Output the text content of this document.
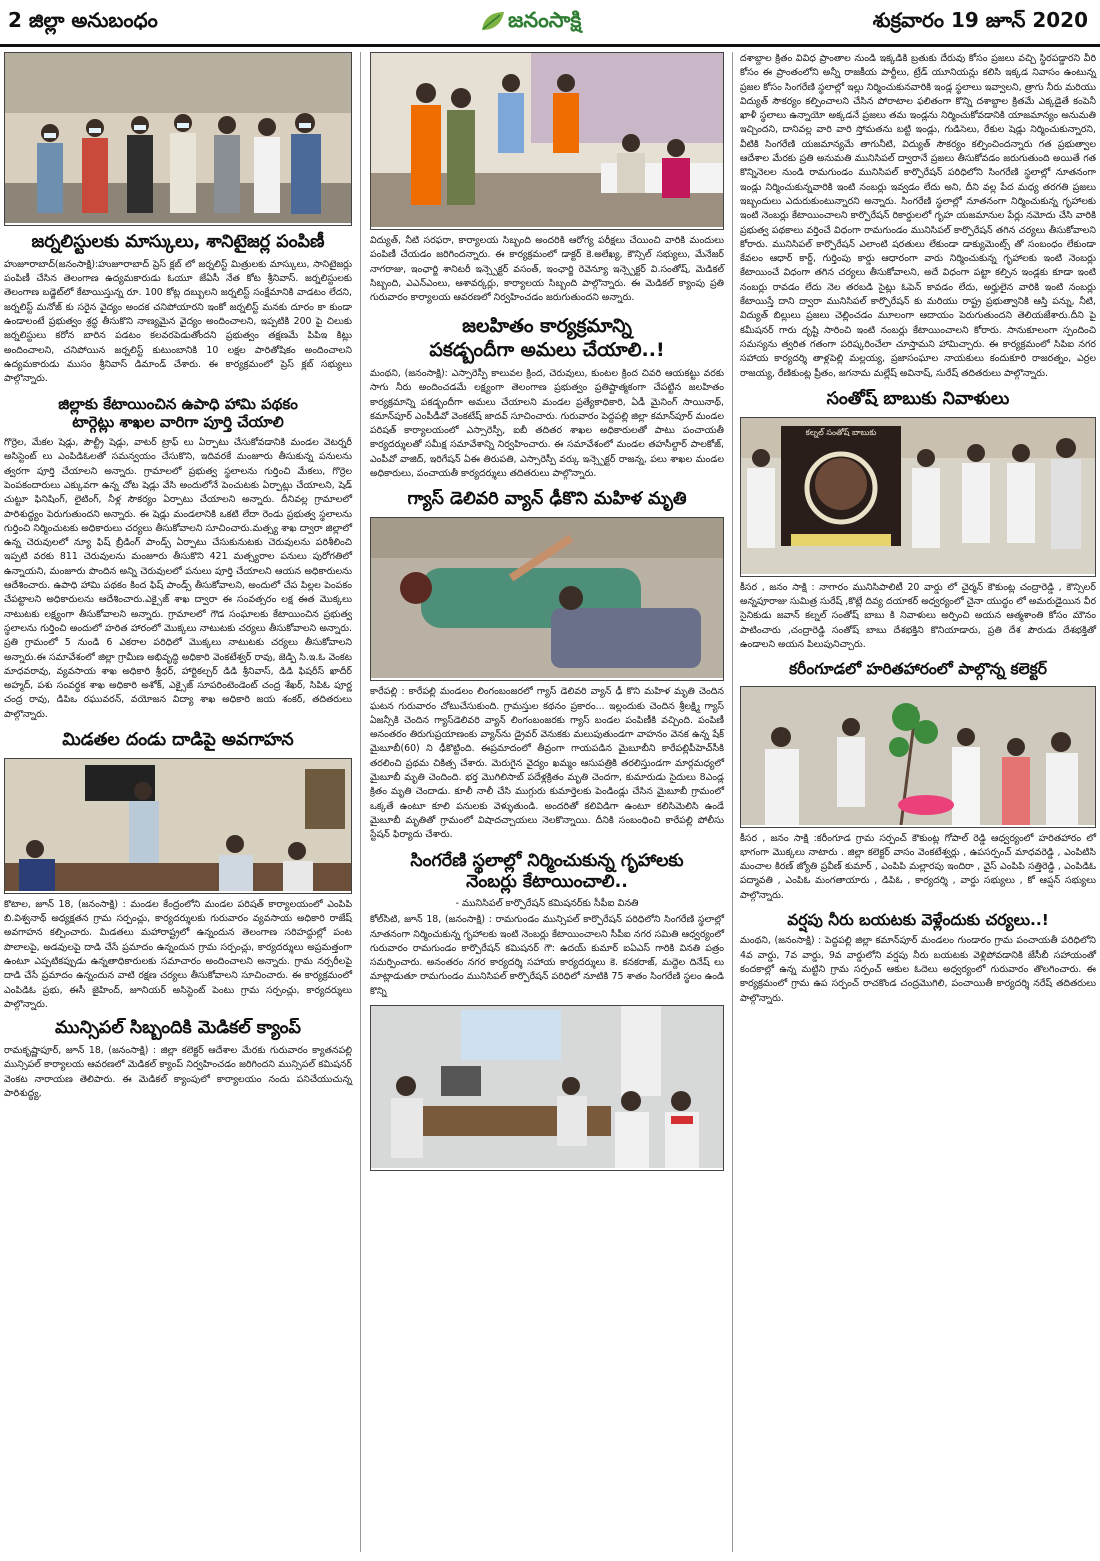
2 జిల్లా అనుబంధం	జనంసాక్షి	శుక్రవారం 19 జూన్ 2020
జర్నలిస్టులకు మాస్కులు, శానిటైజర్ల పంపిణీ

హుజూరాబాద్(జనంసాక్షి):హుజూరాబాద్ ప్రెస్ క్లబ్ లో జర్నలిస్ట్ మిత్రులకు మాస్కులు, సానిటైజర్లు పంపిణీ చేసిన తెలంగాణ ఉద్యమకారుడు ఓయూ జేఏసీ నేత కోట శ్రీనివాస్. జర్నలిస్టులకు తెలంగాణ బడ్జెట్‌లో కేటాయిస్తున్న రూ. 100 కోట్ల దబ్బులని జర్నలిస్ట్ సంక్షేమానికి వాడటం లేదని, జర్నలిస్ట్ మనోజ్ కు సరైన వైద్యం అందక చనిపోయారని ఇంకో జర్నలిస్ట్ మనకు దూరం కా కుండా ఉండాలంటే ప్రభుత్వం శ్రద్ధ తీసుకొని నాణ్యమైన వైద్యం అందించాలని, ఇప్పటికి 200 పై చిలుకు జర్నలిస్టులు కరోన బారిన పడటం కలవరపెడుతోందని ప్రభుత్వం తక్షణమే పిపిఇ కిట్లు అందించాలని, చనిపోయిన జర్నలిస్ట్ కుటుంబానికి 10 లక్షల పారితోషికం అందించాలని ఉద్యమకారుడు ముసం శ్రీనివాస్ డిమాండ్ చేశారు. ఈ కార్యక్రమంలో ప్రెస్ క్లబ్ సభ్యులు పాల్గొన్నారు.

జిల్లాకు కేటాయించిన ఉపాధి హామి పథకం
టార్గెట్లు శాఖల వారిగా పూర్తి చేయాలి

గొర్రెల, మేకల షెడ్లు, పౌల్ట్రీ షెడ్లు, వాటర్ ట్రాఫ్ లు ఏర్పాటు చేసుకోవడానికి మండల వెటర్నరీ అసిస్టెంట్ లు ఎంపిడిఓలతో సమన్వయం చేసుకొని, ఇదివరకే మంజూరు తీసుకున్న పనులను త్వరగా పూర్తి చేయాలని అన్నారు. గ్రామాలలో ప్రభుత్వ స్థలాలను గుర్తించి మేకలు, గొర్రెల పెంపకందారులు ఎక్కువగా ఉన్న చోట షెడ్లు వేసి అందులోనే పెంచుటకు ఏర్పాట్లు చేయాలని, షెడ్ చుట్టూ ఫినిషింగ్, లైటింగ్, నీళ్ల సౌకర్యం ఏర్పాటు చేయాలని అన్నారు. దీనివల్ల గ్రామాలలో పారిశుద్ధ్యం పెరుగుతుందని అన్నారు. ఈ షెడ్లు మండలానికి ఒకటి లేదా రెండు ప్రభుత్వ స్థలాలను గుర్తించి నిర్మించుటకు అధికారులు చర్యలు తీసుకోవాలని సూచించారు.మత్స్య శాఖ ద్వారా జిల్లాలో ఉన్న చెరువులలో న్యూ ఫిష్ బ్రీడింగ్ పాండ్స్ ఏర్పాటు చేసుకునుటకు చెరువులను పరిశీలించి ఇప్పటి వరకు 811 చెరువులను మంజూరు తీసుకొని 421 మత్స్యరాల పనులు పురోగతిలో ఉన్నాయని, మంజూరు పొందిన అన్ని చెరువులలో పనులు పూర్తి చేయాలని ఆయన అధికారులను ఆదేశించారు. ఉపాధి హామి పథకం కింద ఫిష్ పాండ్స్ తీసుకోవాలని, అందులో చేప పిల్లల పెంపకం చేపట్టాలని అధికారులను ఆదేశించారు.ఎక్సైజ్ శాఖ ద్వారా ఈ సంవత్సరం లక్ష ఈత మొక్కలు నాటుటకు లక్ష్యంగా తీసుకోవాలని అన్నారు. గ్రామాలలో గౌడ సంఘాలకు కేటాయించిన ప్రభుత్వ స్థలాలను గుర్తించి అందులో హరిత హారంలో మొక్కలు నాటుటకు చర్యలు తీసుకోవాలని అన్నారు. ప్రతి గ్రామంలో 5 నుండి 6 ఎకరాల పరిధిలో మొక్కలు నాటుటకు చర్యలు తీసుకోవాలని అన్నారు.ఈ సమావేశంలో జిల్లా గ్రామీణ అభివృద్ధి అధికారి వెంకటేశ్వర్ రావు, జెడ్పి సి.ఇ.ఓ వెంకట మాధవరావు, వ్యవసాయ శాఖ అధికారి శ్రీధర్, హార్టికల్చర్ డిడి శ్రీనివాస్, డిడి ఫిషరీస్ ఖాదీర్ అహ్మద్, పశు సంవర్ధక శాఖ అధికారి అశోక్, ఎక్సైజ్ సూపరింటెండెంట్ చంద్ర శేఖర్, సిపిఓ పూర్ణ చంద్ర రావు, డిపిఒ రఘువరన్, వయోజన విద్యా శాఖ అధికారి జయ శంకర్, తదితరులు పాల్గొన్నారు.

మిడతల దండు దాడిపై అవగాహన

కొటాల, జూన్ 18, (జనంసాక్షి) : మండల కేంద్రంలోని మండల పరిషత్ కార్యాలయంలో ఎంపిపి బి.విశ్వనాథ్ అధ్యక్షతన గ్రామ సర్పంచ్లు, కార్యదర్శులకు గురువారం వ్యవసాయ అధికారి రాజేష్ అవగాహన కల్పించారు. మిడతలు మహారాష్ట్రలో ఉన్నందున తెలంగాణ సరిహద్దుల్లో పంట పొలాలపై, అడవులపై దాడి చేసే ప్రమాదం ఉన్నందున గ్రామ సర్పంచ్లు, కార్యదర్శులు అప్రమత్తంగా ఉంటూ ఎప్పటికప్పుడు ఉన్నతాధికారులకు సమాచారం అందించాలని అన్నారు. గ్రామ నర్సరీలపై దాడి చేసే ప్రమాదం ఉన్నందున వాటి రక్షణ చర్యలు తీసుకోవాలని సూచించారు. ఈ కార్యక్రమంలో ఎంపిడిఓ ప్రభు, ఈసీ జైహింద్, జూనియర్ అసిస్టెంట్ పెంటు గ్రామ సర్పంచ్లు, కార్యదర్శులు పాల్గొన్నారు.

మున్సిపల్ సిబ్బందికి మెడికల్ క్యాంప్

రామకృష్ణాపూర్, జూన్ 18, (జనంసాక్షి) : జిల్లా కలెక్టర్ ఆదేశాల మేరకు గురువారం క్యాతనపల్లి మున్సిపల్ కార్యాలయ ఆవరణలో మెడికల్ క్యాంప్ నిర్వహించడం జరిగిందని మున్సిపల్ కమిషనర్ వెంకట నారాయణ తెలిపారు. ఈ మెడికల్ క్యాంపులో కార్యాలయం నందు పనిచేయుచున్న పారిశుద్ధ్య,

విద్యుత్, నీటి సరఫరా, కార్యాలయ సిబ్బంది అందరికి ఆరోగ్య పరీక్షలు చేయించి వారికి మందులు పంపిణీ చేయడం జరిగిందన్నారు. ఈ కార్యక్రమంలో డాక్టర్ కె.అలేఖ్య, కౌన్సిల్ సభ్యులు, మేనేజర్ నాగరాజు, ఇంఛార్జి శానిటరీ ఇన్స్పెక్టర్ వసంత్, ఇంఛార్జి రెవెన్యూ ఇన్స్పెక్టర్ వి.సంతోష్, మెడికల్ సిబ్బంది, ఎఎన్ఎంలు, ఆశావర్కర్లు, కార్యాలయ సిబ్బంది పాల్గొన్నారు. ఈ మెడికల్ క్యాంపు ప్రతి గురువారం కార్యాలయ ఆవరణలో నిర్వహించడం జరుగుతుందని అన్నారు.

జలహితం కార్యక్రమాన్ని
పకడ్బందీగా అమలు చేయాలి..!

మంథని, (జనంసాక్షి): ఎస్సారెస్పీ కాలువల క్రింద, చెరువులు, కుంటల క్రింద చివరి ఆయకట్టు వరకు సాగు నీరు అందించడమే లక్ష్యంగా తెలంగాణ ప్రభుత్వం ప్రతిష్టాత్మకంగా చేపట్టిన జలహితం కార్యక్రమాన్ని పకడ్బందీగా అమలు చేయాలని మండల ప్రత్యేకాధికారి, ఏడీ మైనింగ్ సాయినాథ్, కమాన్‌పూర్ ఎంపీడీవో వెంకటేష్ జాదవ్ సూచించారు. గురువారం పెద్దపల్లి జిల్లా కమాన్‌పూర్ మండల పరిషత్ కార్యాలయంలో ఎస్సారెస్పీ, ఐబీ తదితర శాఖల అధికారులతో పాటు పంచాయతీ కార్యదర్శులతో సమీక్ష సమావేశాన్ని నిర్వహించారు. ఈ సమావేశంలో మండల తహసీల్దార్ పాలకోజ్, ఎంపీవో వాజిద్, ఇరిగేషన్ ఏఈ తిరుపతి, ఎస్సారెస్పీ వర్కు ఇన్స్పెక్టర్ రాజన్న, పలు శాఖల మండల అధికారులు, పంచాయతీ కార్యదర్శులు తదితరులు పాల్గొన్నారు.

గ్యాస్ డెలివరి వ్యాన్ ఢీకొని మహిళ మృతి

కారేపల్లి : కారేపల్లి మండలం లింగంబంజరలో గ్యాస్ డెలివరి వ్యాన్ ఢీ కొని మహిళ మృతి చెందిన ఘటన గురువారం చోటుచేసుకుంది. గ్రామస్తుల కథనం ప్రకారం... ఇల్లందుకు చెందిన శ్రీలక్ష్మి గ్యాస్ ఏజన్సీకి చెందిన గ్యాస్‌డెలివరి వ్యాన్ లింగంబంజరకు గ్యాస్ బండల పంపిణీకి వచ్చింది. పంపిణీ అనంతరం తిరుగుప్రయాణంకు వ్యాన్‌ను డ్రైవర్ వెనుకకు మలుపుతుండగా వాహనం వెనక ఉన్న షేక్ మైబూబీ(60) ని ఢీకొట్టింది. ఈప్రమాదంలో తీవ్రంగా గాయపడిన మైబూబీని కారేపల్లిపీహెచ్‌సీకి తరలించి ప్రథమ చికిత్స చేశారు. మెరుగైన వైద్యం ఖమ్మం ఆసుపత్రికి తరలిస్తుండగా మార్గమధ్యలో మైబూబీ మృతి చెందింది. భర్త మొగిలిసాబ్ పదేళ్లక్రితం మృతి చెందగా, కుమారుడు సైదులు 8ఎండ్ల క్రితం మృతి చెందాడు. కూలీ నాలీ చేసి ముగ్గురు కుమార్తెలకు పెండిండ్లు చేసిన మైబూబీ గ్రామంలో ఒక్కతే ఉంటూ కూలి పనులకు వెళ్ళుతుండి. అందరితో కలివిడిగా ఉంటూ కలిసిమెలిసి ఉండే మైబూబీ మృతితో గ్రామంలో విషాదచ్చాయలు నెలకొన్నాయి. దీనికి సంబంధించి కారేపల్లి పోలీసు స్టేషన్ ఫిర్యాదు చేశారు.

సింగరేణి స్థలాల్లో నిర్మించుకున్న గృహాలకు
నెంబర్లు కేటాయించాలి..
- మునిసిపల్ కార్పొరేషన్ కమిషనర్‌కు సీపీఐ వినతి

కోల్‌సిటి, జూన్ 18, (జనంసాక్షి) : రామగుండం మున్సిపల్ కార్పొరేషన్ పరిధిలోని సింగరేణి స్థలాల్లో నూతనంగా నిర్మించుకున్న గృహాలకు ఇంటి నెంబర్లు కేటాయించాలని సీపీఐ నగర సమితి ఆధ్వర్యంలో గురువారం రామగుండం కార్పొరేషన్ కమిషనర్ గౌ: ఉదయ్ కుమార్ ఐఏఎస్ గారికి వినతి పత్రం సమర్పించారు. అనంతరం నగర కార్యదర్శి సహాయ కార్యదర్శులు కె. కనకరాజ్, మద్దెల దినేష్ లు మాట్లాడుతూ రామగుండం మునిసిపల్ కార్పొరేషన్ పరిధిలో నూటికి 75 శాతం సింగరేణి స్థలం ఉండి కొన్ని

దశాబ్దాల క్రితం వివిధ ప్రాంతాల నుండి ఇక్కడికి బ్రతుకు దేరువు కోసం ప్రజలు వచ్చి స్థిరపడ్డారని వీరి కోసం ఈ ప్రాంతంలోని అన్నీ రాజకీయ పార్టీలు, ట్రేడ్ యూనియన్లు కలిసి ఇక్కడ నివాసం ఉంటున్న ప్రజల కోసం సింగరేణి స్థలాల్లో ఇల్లు నిర్మించుకునవారికి ఇండ్ల స్థలాలు ఇవ్వాలని, త్రాగు నీరు మరియు విద్యుత్ సౌకర్యం కల్పించాలని చేసిన పోరాటాల ఫలితంగా కొన్ని దశాబ్దాల క్రితమే ఎక్కడైతే కంపెనీ ఖాళీ స్థలాలు ఉన్నాయో అక్కడనే ప్రజలు తమ ఇండ్లను నిర్మించుకోవడానికి యాజమాన్యం అనుమతి ఇచ్చిందని, దానివల్ల వారి వారి స్తోమతను బట్టి ఇండ్లు, గుడిసెలు, రేకుల షెడ్లు నిర్మించుకున్నారని, వీటికి సింగరేణి యజమాన్యమే తాగునీటి, విద్యుత్ సౌకర్యం కల్పించిందన్నారు గత ప్రభుత్వాల ఆదేశాల మేరకు ప్రతి అనుమతి మునిసిపల్ ద్వారానే ప్రజలు తీసుకోవడం జరుగుతుంది అయితే గత కొన్నినెలల నుండి రామగుండం మునిసిపల్ కార్పొరేషన్ పరిధిలోని సింగరేణి స్థలాల్లో నూతనంగా ఇండ్లు నిర్మించుకున్నవారికి ఇంటి నంబర్లు ఇవ్వడం లేదు అని, దీని వల్ల పేద మధ్య తరగతి ప్రజలు ఇబ్బందులు ఎదురుకుంటున్నారని అన్నారు. సింగరేణి స్థలాల్లో నూతనంగా నిర్మించుకున్న గృహాలకు ఇంటి నెంబర్లు కేటాయించాలని కార్పొరేషన్ రికార్డులలో గృహ యజమానుల పేర్లు నమోదు చేసి వారికి ప్రభుత్వ పథకాలు వర్తించే విధంగా రామగుండం మునిసిపల్ కార్పొరేషన్ తగిన చర్యలు తీసుకోవాలని కోరారు. మునిసిపల్ కార్పొరేషన్ ఎలాంటి షరతులు లేకుండా డాక్యుమెంట్స్ తో సంబంధం లేకుండా కేవలం ఆధార్ కార్డ్, గుర్తింపు కార్డు ఆధారంగా వారు నిర్మించుకున్న గృహాలకు ఇంటి నెంబర్లు కేటాయించే విధంగా తగిన చర్యలు తీసుకోవాలని, అదే విధంగా పట్టా కల్పిన ఇండ్లకు కూడా ఇంటి నంబర్లు రావడం లేదు నెల తరబడి సైట్లు ఓపెన్ కావడం లేదు, అర్హులైన వారికి ఇంటి నంబర్లు కేటాయిస్తే దాని ద్వారా మునిసిపల్ కార్పొరేషన్ కు మరియు రాష్ట్ర ప్రభుత్వానికి ఆస్తి పన్ను, నీటి, విద్యుత్ బిల్లులు ప్రజలు చెల్లించడం మూలంగా ఆదాయం పెరుగుతుందని తెలియజేశారు.దీని పై కమీషనర్ గారు దృష్టి సారించి ఇంటి నంబర్లు కేటాయించాలని కోరారు. సానుకూలంగా స్పందించి సమస్యను త్వరిత గతంగా పరిష్కరించేలా చూస్తామని హామిచ్చారు. ఈ కార్యక్రమంలో సిపిఐ నగర సహాయ కార్యదర్శి తాళ్లపెల్లి మల్లయ్య, ప్రజాసంఘాల నాయకులు కందుకూరి రాజరత్నం, ఎర్రల రాజయ్య, రేణికుంట్ల ప్రీతం, జగనామ మల్లేష్ అవినాష్, సురేష్ తదితరులు పాల్గొన్నారు.

సంతోష్ బాబుకు నివాళులు
కల్నల్ సంతోష్ బాబుకు

కీసర , జనం సాక్షి : నాగారం మునిసిపాలిటీ 20 వార్డు లో చైర్మన్ కౌకుంట్ల చంద్రారెడ్డి , కౌన్సిలర్ అన్నపూరాజు సుమిత్ర సురేష్ ,కొట్లే దివ్య దయాకర్ అధ్వర్యంలో చైనా యుద్ధం లో అమరుడైయిన వీర సైనికుడు జవాన్ కల్నల్ సంతోష్ బాబు కి నివాళులు అర్పించి అయన ఆత్మశాంతి కోసం మౌనం పాటించారు ,చంద్రారెడ్డి సంతోష్ బాబు దేశభక్తిని కొనియాడారు, ప్రతి దేశ పౌరుడు దేశభక్తితో ఉండాలని అయన పిలుపునిచ్చారు.

కరీంగూడలో హరితహారంలో పాల్గొన్న కలెక్టర్

కీసర , జనం సాక్షి :కరీంగూడ గ్రామ సర్పంచ్ కౌకుంట్ల గోపాల్ రెడ్డి ఆధ్వర్యంలో హరితహారం లో భాగంగా మొక్కలు నాటారు . జిల్లా కలెక్టర్ వాసం వెంకటేశ్వర్లు , ఉపసర్పంచ్ మాధవరెడ్డి , ఎంపిటిసి మంచాల కిరణ్ జ్యోతి ప్రవీణ్ కుమార్ , ఎంపిపి మల్లారపు ఇందిరా , వైస్ ఎంపిపి సత్తిరెడ్డి , ఎంపిడిఓ పద్మావతి , ఎంపిఓ మంగతాయారు , డిపిఓ , కార్యదర్శి , వార్డు సభ్యులు , కో ఆప్షన్ సభ్యులు పాల్గొన్నారు.

వర్షపు నీరు బయటకు వెళ్లేందుకు చర్యలు..!

మంథని, (జనంసాక్షి) : పెద్దపల్లి జిల్లా కమాన్‌పూర్ మండలం గుండారం గ్రామ పంచాయతీ పరిధిలోని 4వ వార్డు, 7వ వార్డు, 9వ వార్డులోని వర్షపు నీరు బయటకు వెళ్లిపోవడానికి జేసీబీ సహాయంతో కందకాల్లో ఉన్న మట్టిని గ్రామ సర్పంచ్ ఆకుల ఓదెలు అధ్వర్యంలో గురువారం తొలగించారు. ఈ కార్యక్రమంలో గ్రామ ఉప సర్పంచ్ రాచకొండ చంద్రమొగిలి, పంచాయితీ కార్యదర్శి నరేష్ తదితరులు పాల్గొన్నారు.
